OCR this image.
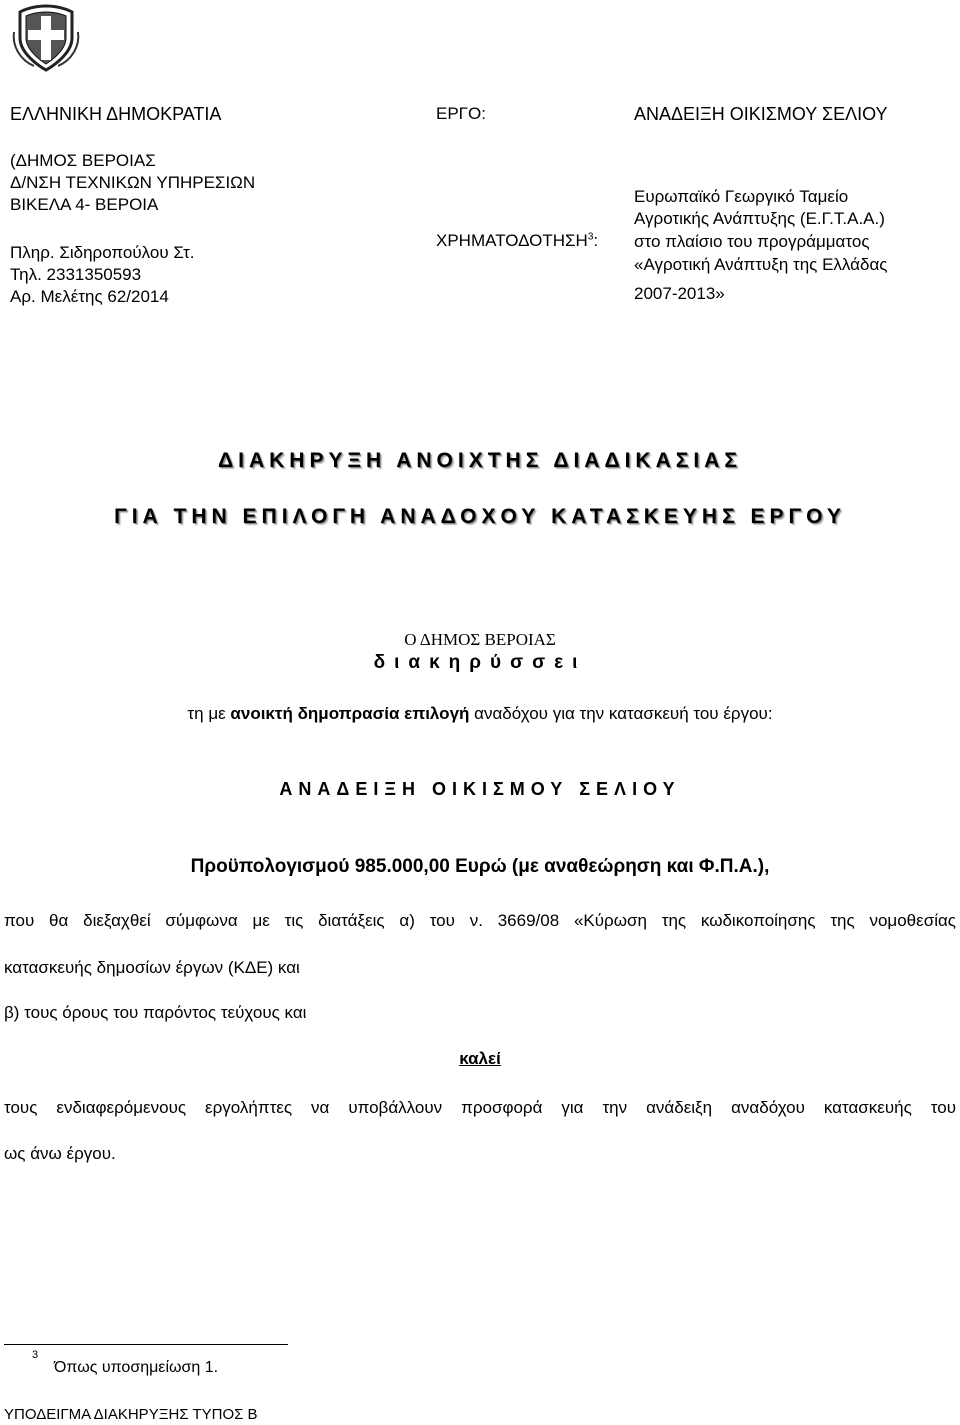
ΕΛΛΗΝΙΚΗ ΔΗΜΟΚΡΑΤΙΑ
(ΔΗΜΟΣ ΒΕΡΟΙΑΣ
Δ/ΝΣΗ ΤΕΧΝΙΚΩΝ ΥΠΗΡΕΣΙΩΝ
ΒΙΚΕΛΑ 4- ΒΕΡΟΙΑ
Πληρ. Σιδηροπούλου Στ.
Τηλ. 2331350593
Αρ. Μελέτης 62/2014
ΕΡΓΟ:
ΧΡΗΜΑΤΟΔΟΤΗΣΗ$^3$:
ΑΝΑΔΕΙΞΗ ΟΙΚΙΣΜΟΥ ΣΕΛΙΟΥ
Ευρωπαϊκό Γεωργικό Ταμείο
Αγροτικής Ανάπτυξης (Ε.Γ.Τ.Α.Α.)
στο πλαίσιο του προγράμματος
«Αγροτική Ανάπτυξη της Ελλάδας
2007-2013»
ΔΙΑΚΗΡΥΞΗ ΑΝΟΙΧΤΗΣ ΔΙΑΔΙΚΑΣΙΑΣ
ΓΙΑ ΤΗΝ ΕΠΙΛΟΓΗ ΑΝΑΔΟΧΟΥ ΚΑΤΑΣΚΕΥΗΣ ΕΡΓΟΥ
Ο ΔΗΜΟΣ ΒΕΡΟΙΑΣ
διακηρύσσει
τη με ανοικτή δημοπρασία επιλογή αναδόχου για την κατασκευή του έργου:
ΑΝΑΔΕΙΞΗ ΟΙΚΙΣΜΟΥ ΣΕΛΙΟΥ
Προϋπολογισμού 985.000,00 Ευρώ (με αναθεώρηση και Φ.Π.Α.),
που θα διεξαχθεί σύμφωνα με τις διατάξεις α) του ν. 3669/08 «Κύρωση της κωδικοποίησης της νομοθεσίας
κατασκευής δημοσίων έργων (ΚΔΕ) και
β) τους όρους του παρόντος τεύχους και
καλεί
τους ενδιαφερόμενους εργολήπτες να υποβάλλουν προσφορά για την ανάδειξη αναδόχου κατασκευής του
ως άνω έργου.
3
Όπως υποσημείωση 1.
ΥΠΟΔΕΙΓΜΑ ΔΙΑΚΗΡΥΞΗΣ ΤΥΠΟΣ Β
